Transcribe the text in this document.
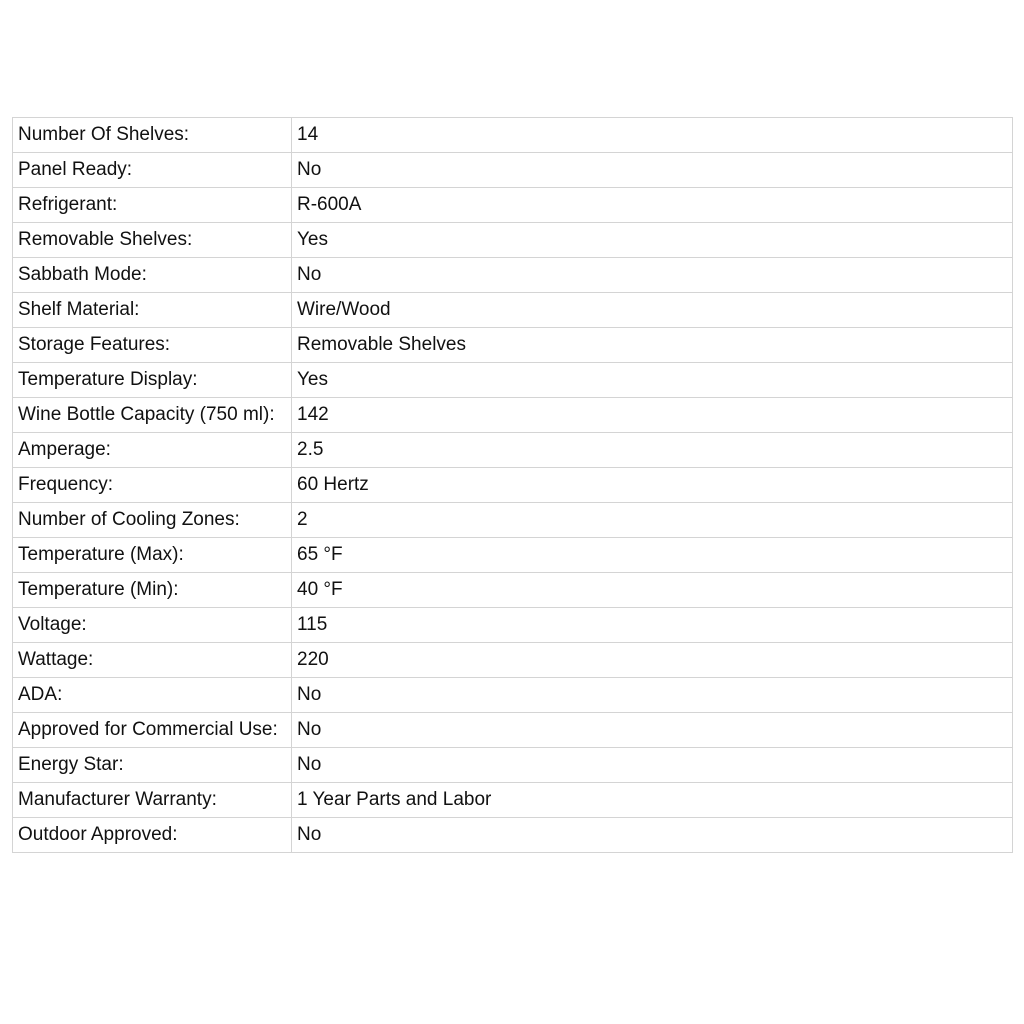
Number Of Shelves:	14
Panel Ready:	No
Refrigerant:	R-600A
Removable Shelves:	Yes
Sabbath Mode:	No
Shelf Material:	Wire/Wood
Storage Features:	Removable Shelves
Temperature Display:	Yes
Wine Bottle Capacity (750 ml):	142
Amperage:	2.5
Frequency:	60 Hertz
Number of Cooling Zones:	2
Temperature (Max):	65 °F
Temperature (Min):	40 °F
Voltage:	115
Wattage:	220
ADA:	No
Approved for Commercial Use:	No
Energy Star:	No
Manufacturer Warranty:	1 Year Parts and Labor
Outdoor Approved:	No
